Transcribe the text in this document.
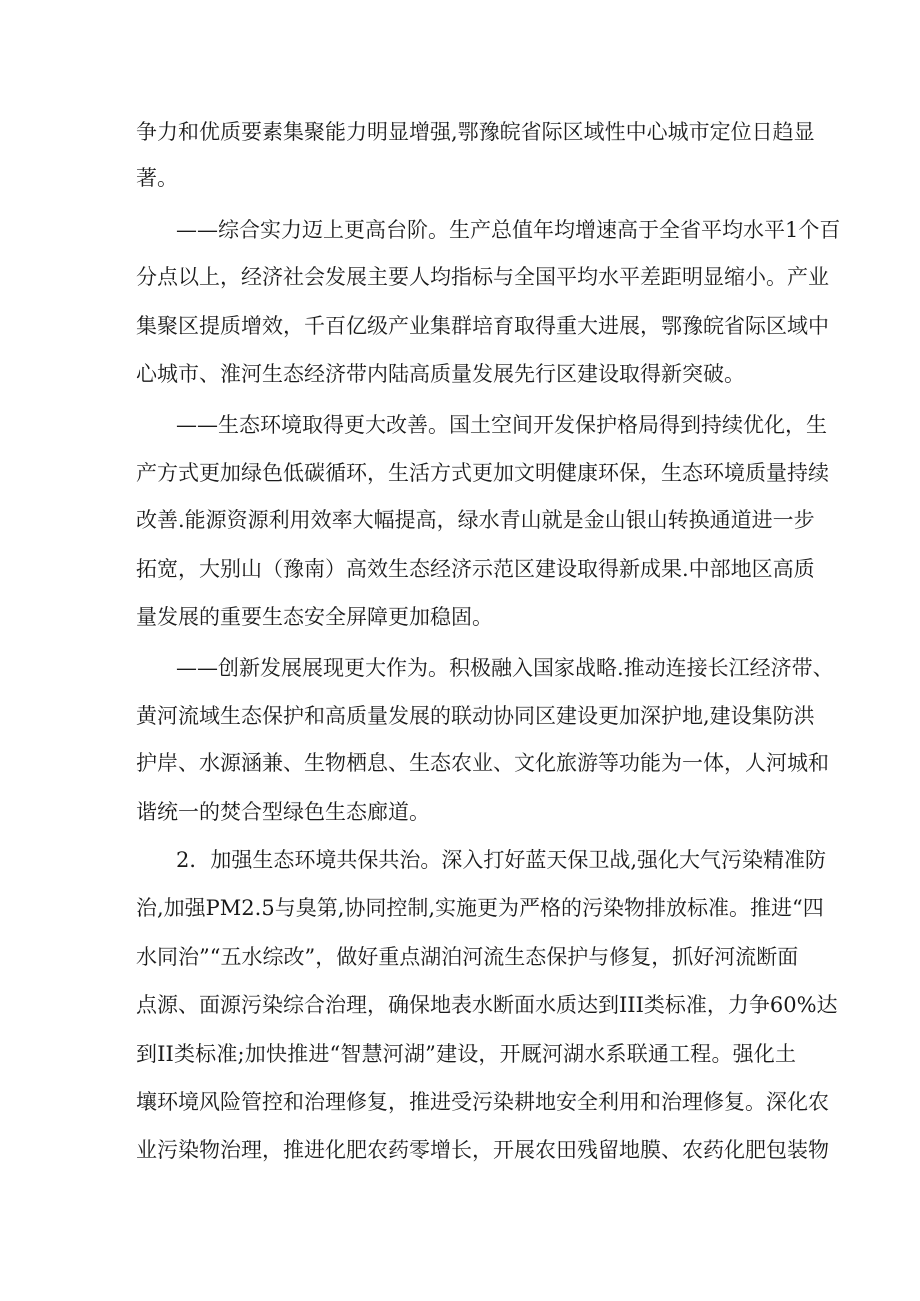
争力和优质要素集聚能力明显增强,鄂豫皖省际区域性中心城市定位日趋显
著。
——综合实力迈上更高台阶。生产总值年均增速高于全省平均水平1个百
分点以上，经济社会发展主要人均指标与全国平均水平差距明显缩小。产业
集聚区提质增效，千百亿级产业集群培育取得重大进展，鄂豫皖省际区域中
心城市、淮河生态经济带内陆高质量发展先行区建设取得新突破。
——生态环境取得更大改善。国土空间开发保护格局得到持续优化，生
产方式更加绿色低碳循环，生活方式更加文明健康环保，生态环境质量持续
改善.能源资源利用效率大幅提高，绿水青山就是金山银山转换通道进一步
拓宽，大别山（豫南）高效生态经济示范区建设取得新成果.中部地区高质
量发展的重要生态安全屏障更加稳固。
——创新发展展现更大作为。积极融入国家战略.推动连接长江经济带、
黄河流域生态保护和高质量发展的联动协同区建设更加深护地,建设集防洪
护岸、水源涵兼、生物栖息、生态农业、文化旅游等功能为一体，人河城和
谐统一的焚合型绿色生态廊道。
2．加强生态环境共保共治。深入打好蓝天保卫战,强化大气污染精准防
治,加强PM2.5与臭第,协同控制,实施更为严格的污染物排放标准。推进“四
水同治”“五水综改”，做好重点湖泊河流生态保护与修复，抓好河流断面
点源、面源污染综合治理，确保地表水断面水质达到III类标准，力争60%达
到II类标准;加快推进“智慧河湖”建设，开厩河湖水系联通工程。强化土
壤环境风险管控和治理修复，推进受污染耕地安全利用和治理修复。深化农
业污染物治理，推进化肥农药零增长，开展农田残留地膜、农药化肥包装物
